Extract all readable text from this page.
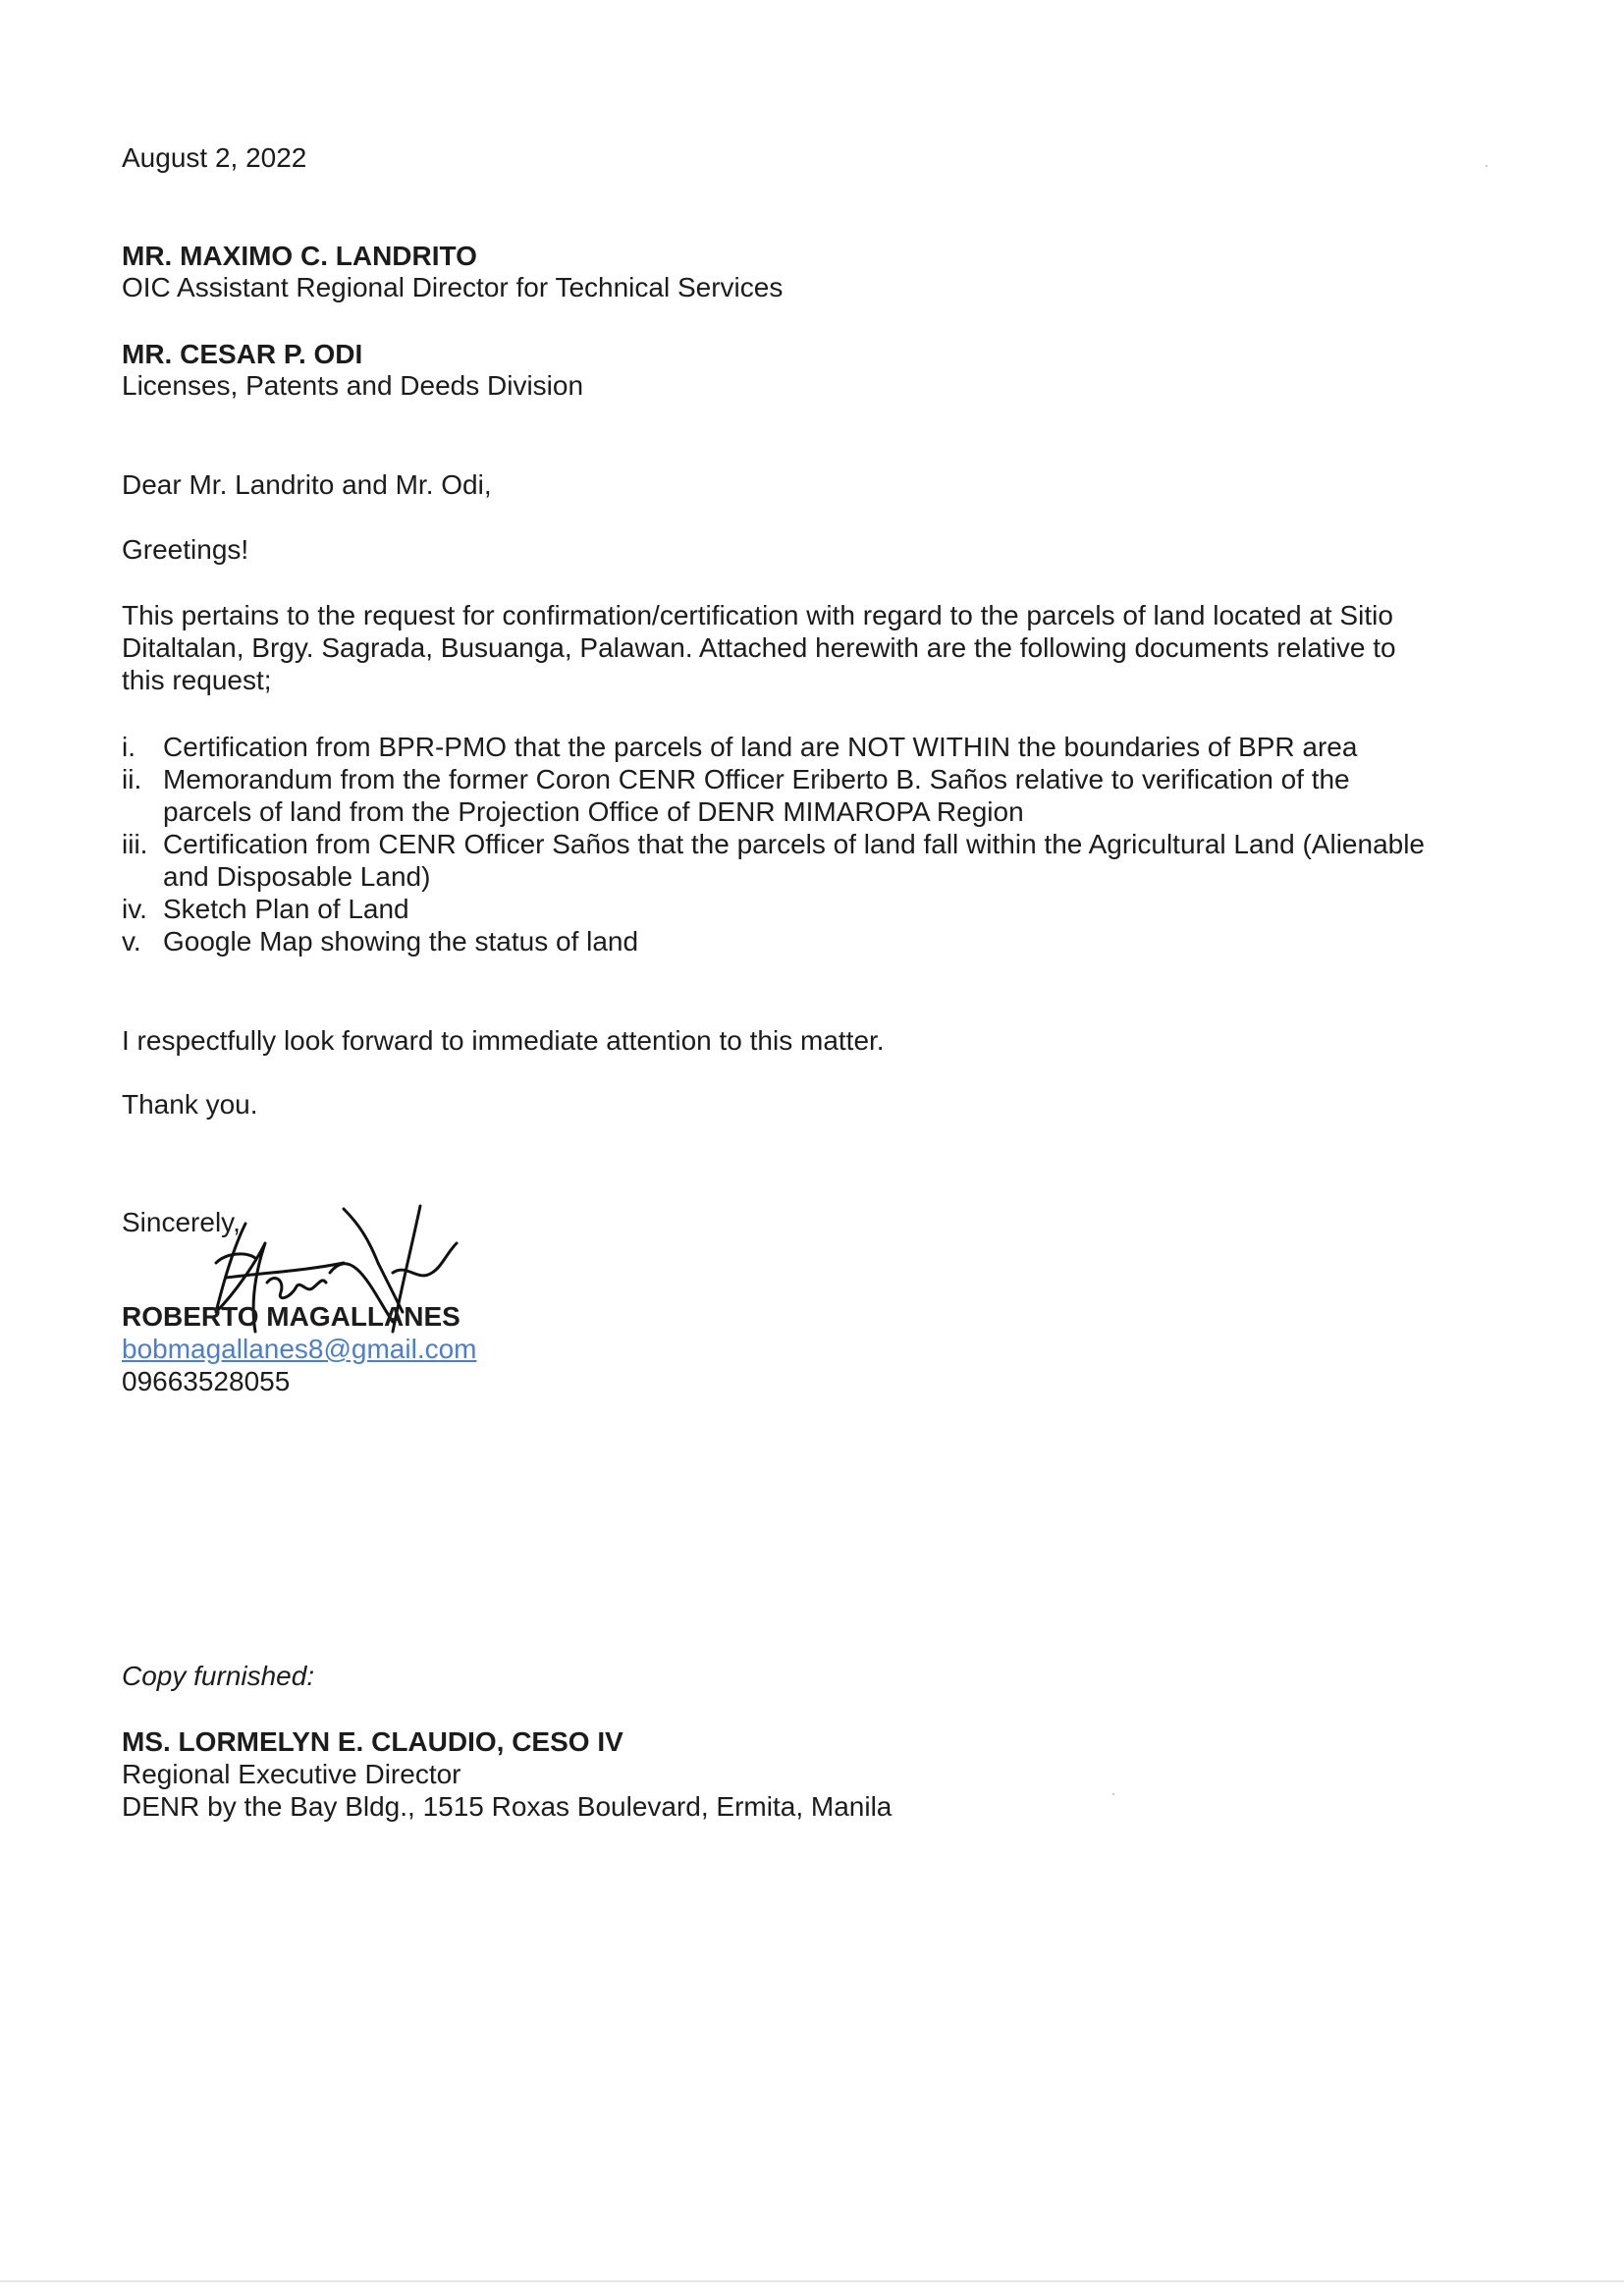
August 2, 2022
MR. MAXIMO C. LANDRITO
OIC Assistant Regional Director for Technical Services
MR. CESAR P. ODI
Licenses, Patents and Deeds Division
Dear Mr. Landrito and Mr. Odi,
Greetings!
This pertains to the request for confirmation/certification with regard to the parcels of land located at Sitio Ditaltalan, Brgy. Sagrada, Busuanga, Palawan. Attached herewith are the following documents relative to this request;
i. Certification from BPR-PMO that the parcels of land are NOT WITHIN the boundaries of BPR area
ii. Memorandum from the former Coron CENR Officer Eriberto B. Saños relative to verification of the parcels of land from the Projection Office of DENR MIMAROPA Region
iii. Certification from CENR Officer Saños that the parcels of land fall within the Agricultural Land (Alienable and Disposable Land)
iv. Sketch Plan of Land
v. Google Map showing the status of land
I respectfully look forward to immediate attention to this matter.
Thank you.
Sincerely,
ROBERTO MAGALLANES
bobmagallanes8@gmail.com
09663528055
Copy furnished:
MS. LORMELYN E. CLAUDIO, CESO IV
Regional Executive Director
DENR by the Bay Bldg., 1515 Roxas Boulevard, Ermita, Manila
